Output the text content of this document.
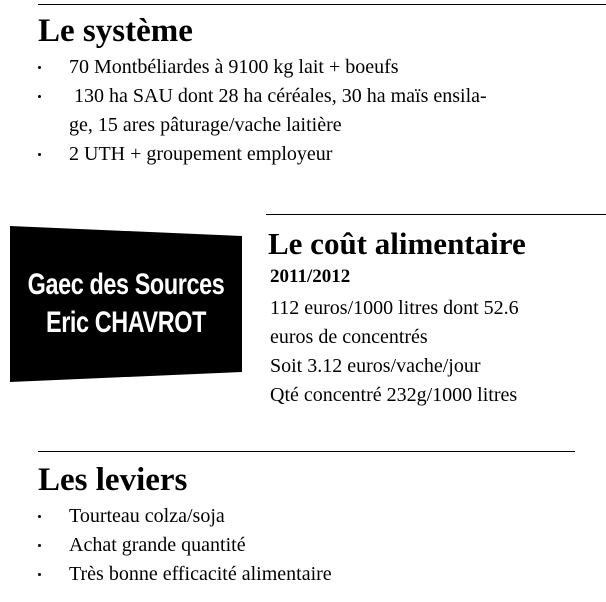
Le système
70 Montbéliardes à 9100 kg lait + boeufs
130 ha SAU dont 28 ha céréales, 30 ha maïs ensila-
ge, 15 ares pâturage/vache laitière
2 UTH + groupement employeur
Gaec des Sources
Eric CHAVROT
Le coût alimentaire
2011/2012
112 euros/1000 litres dont 52.6
euros de concentrés
Soit 3.12 euros/vache/jour
Qté concentré 232g/1000 litres
Les leviers
Tourteau colza/soja
Achat grande quantité
Très bonne efficacité alimentaire
